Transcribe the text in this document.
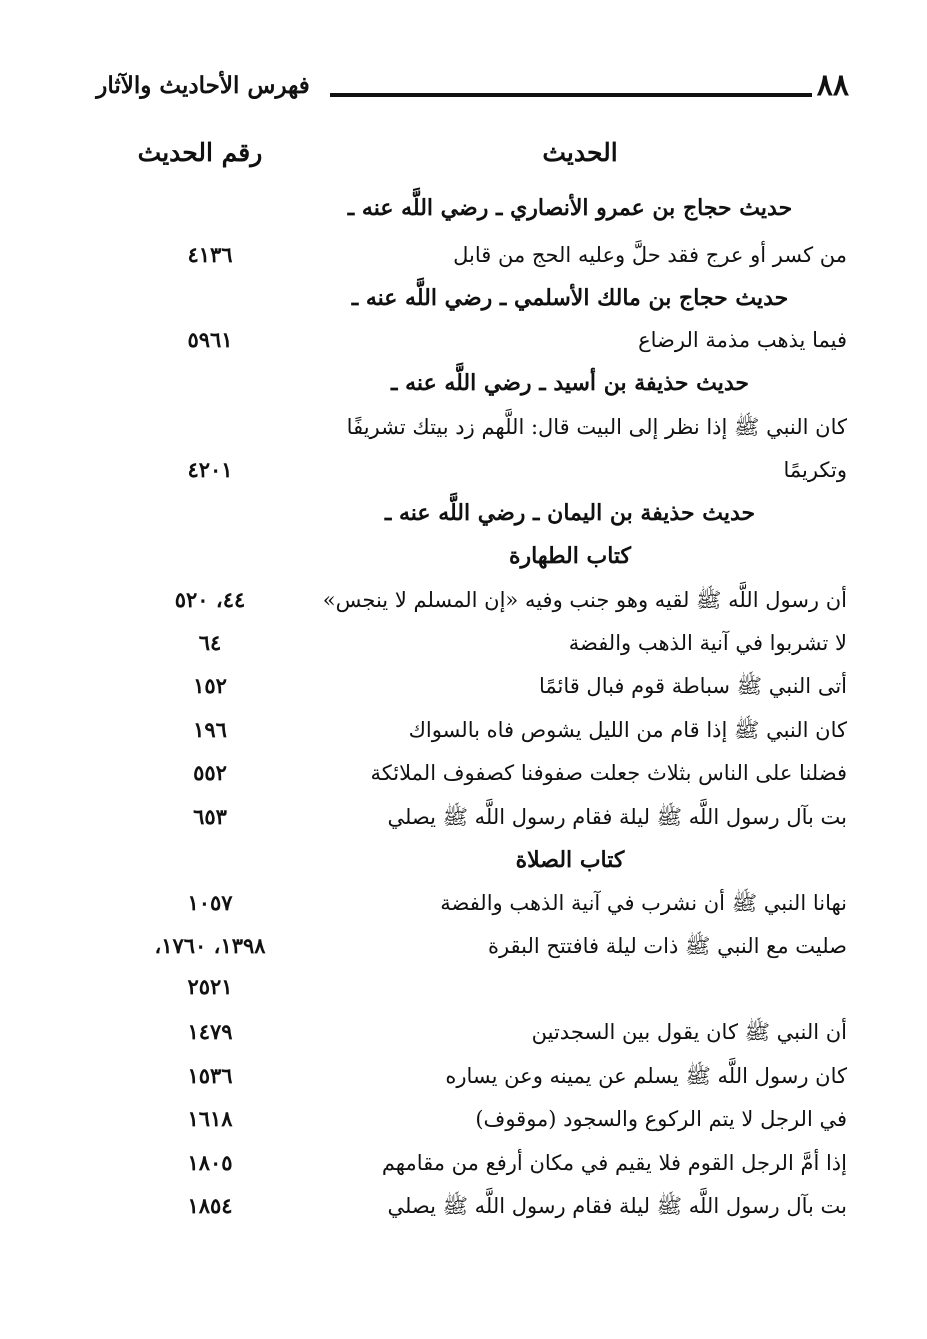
٨٨
فهرس الأحاديث والآثار
الحديث
رقم الحديث
حديث حجاج بن عمرو الأنصاري ـ رضي اللَّه عنه ـ
من كسر أو عرج فقد حلَّ وعليه الحج من قابل
٤١٣٦
حديث حجاج بن مالك الأسلمي ـ رضي اللَّه عنه ـ
فيما يذهب مذمة الرضاع
٥٩٦١
حديث حذيفة بن أسيد ـ رضي اللَّه عنه ـ
كان النبي ﷺ إذا نظر إلى البيت قال: اللَّهم زد بيتك تشريفًا
وتكريمًا
٤٢٠١
حديث حذيفة بن اليمان ـ رضي اللَّه عنه ـ
كتاب الطهارة
أن رسول اللَّه ﷺ لقيه وهو جنب وفيه «إن المسلم لا ينجس»
٤٤، ٥٢٠
لا تشربوا في آنية الذهب والفضة
٦٤
أتى النبي ﷺ سباطة قوم فبال قائمًا
١٥٢
كان النبي ﷺ إذا قام من الليل يشوص فاه بالسواك
١٩٦
فضلنا على الناس بثلاث جعلت صفوفنا كصفوف الملائكة
٥٥٢
بت بآل رسول اللَّه ﷺ ليلة فقام رسول اللَّه ﷺ يصلي
٦٥٣
كتاب الصلاة
نهانا النبي ﷺ أن نشرب في آنية الذهب والفضة
١٠٥٧
صليت مع النبي ﷺ ذات ليلة فافتتح البقرة
١٣٩٨، ١٧٦٠،
٢٥٢١
أن النبي ﷺ كان يقول بين السجدتين
١٤٧٩
كان رسول اللَّه ﷺ يسلم عن يمينه وعن يساره
١٥٣٦
في الرجل لا يتم الركوع والسجود (موقوف)
١٦١٨
إذا أمَّ الرجل القوم فلا يقيم في مكان أرفع من مقامهم
١٨٠٥
بت بآل رسول اللَّه ﷺ ليلة فقام رسول اللَّه ﷺ يصلي
١٨٥٤
